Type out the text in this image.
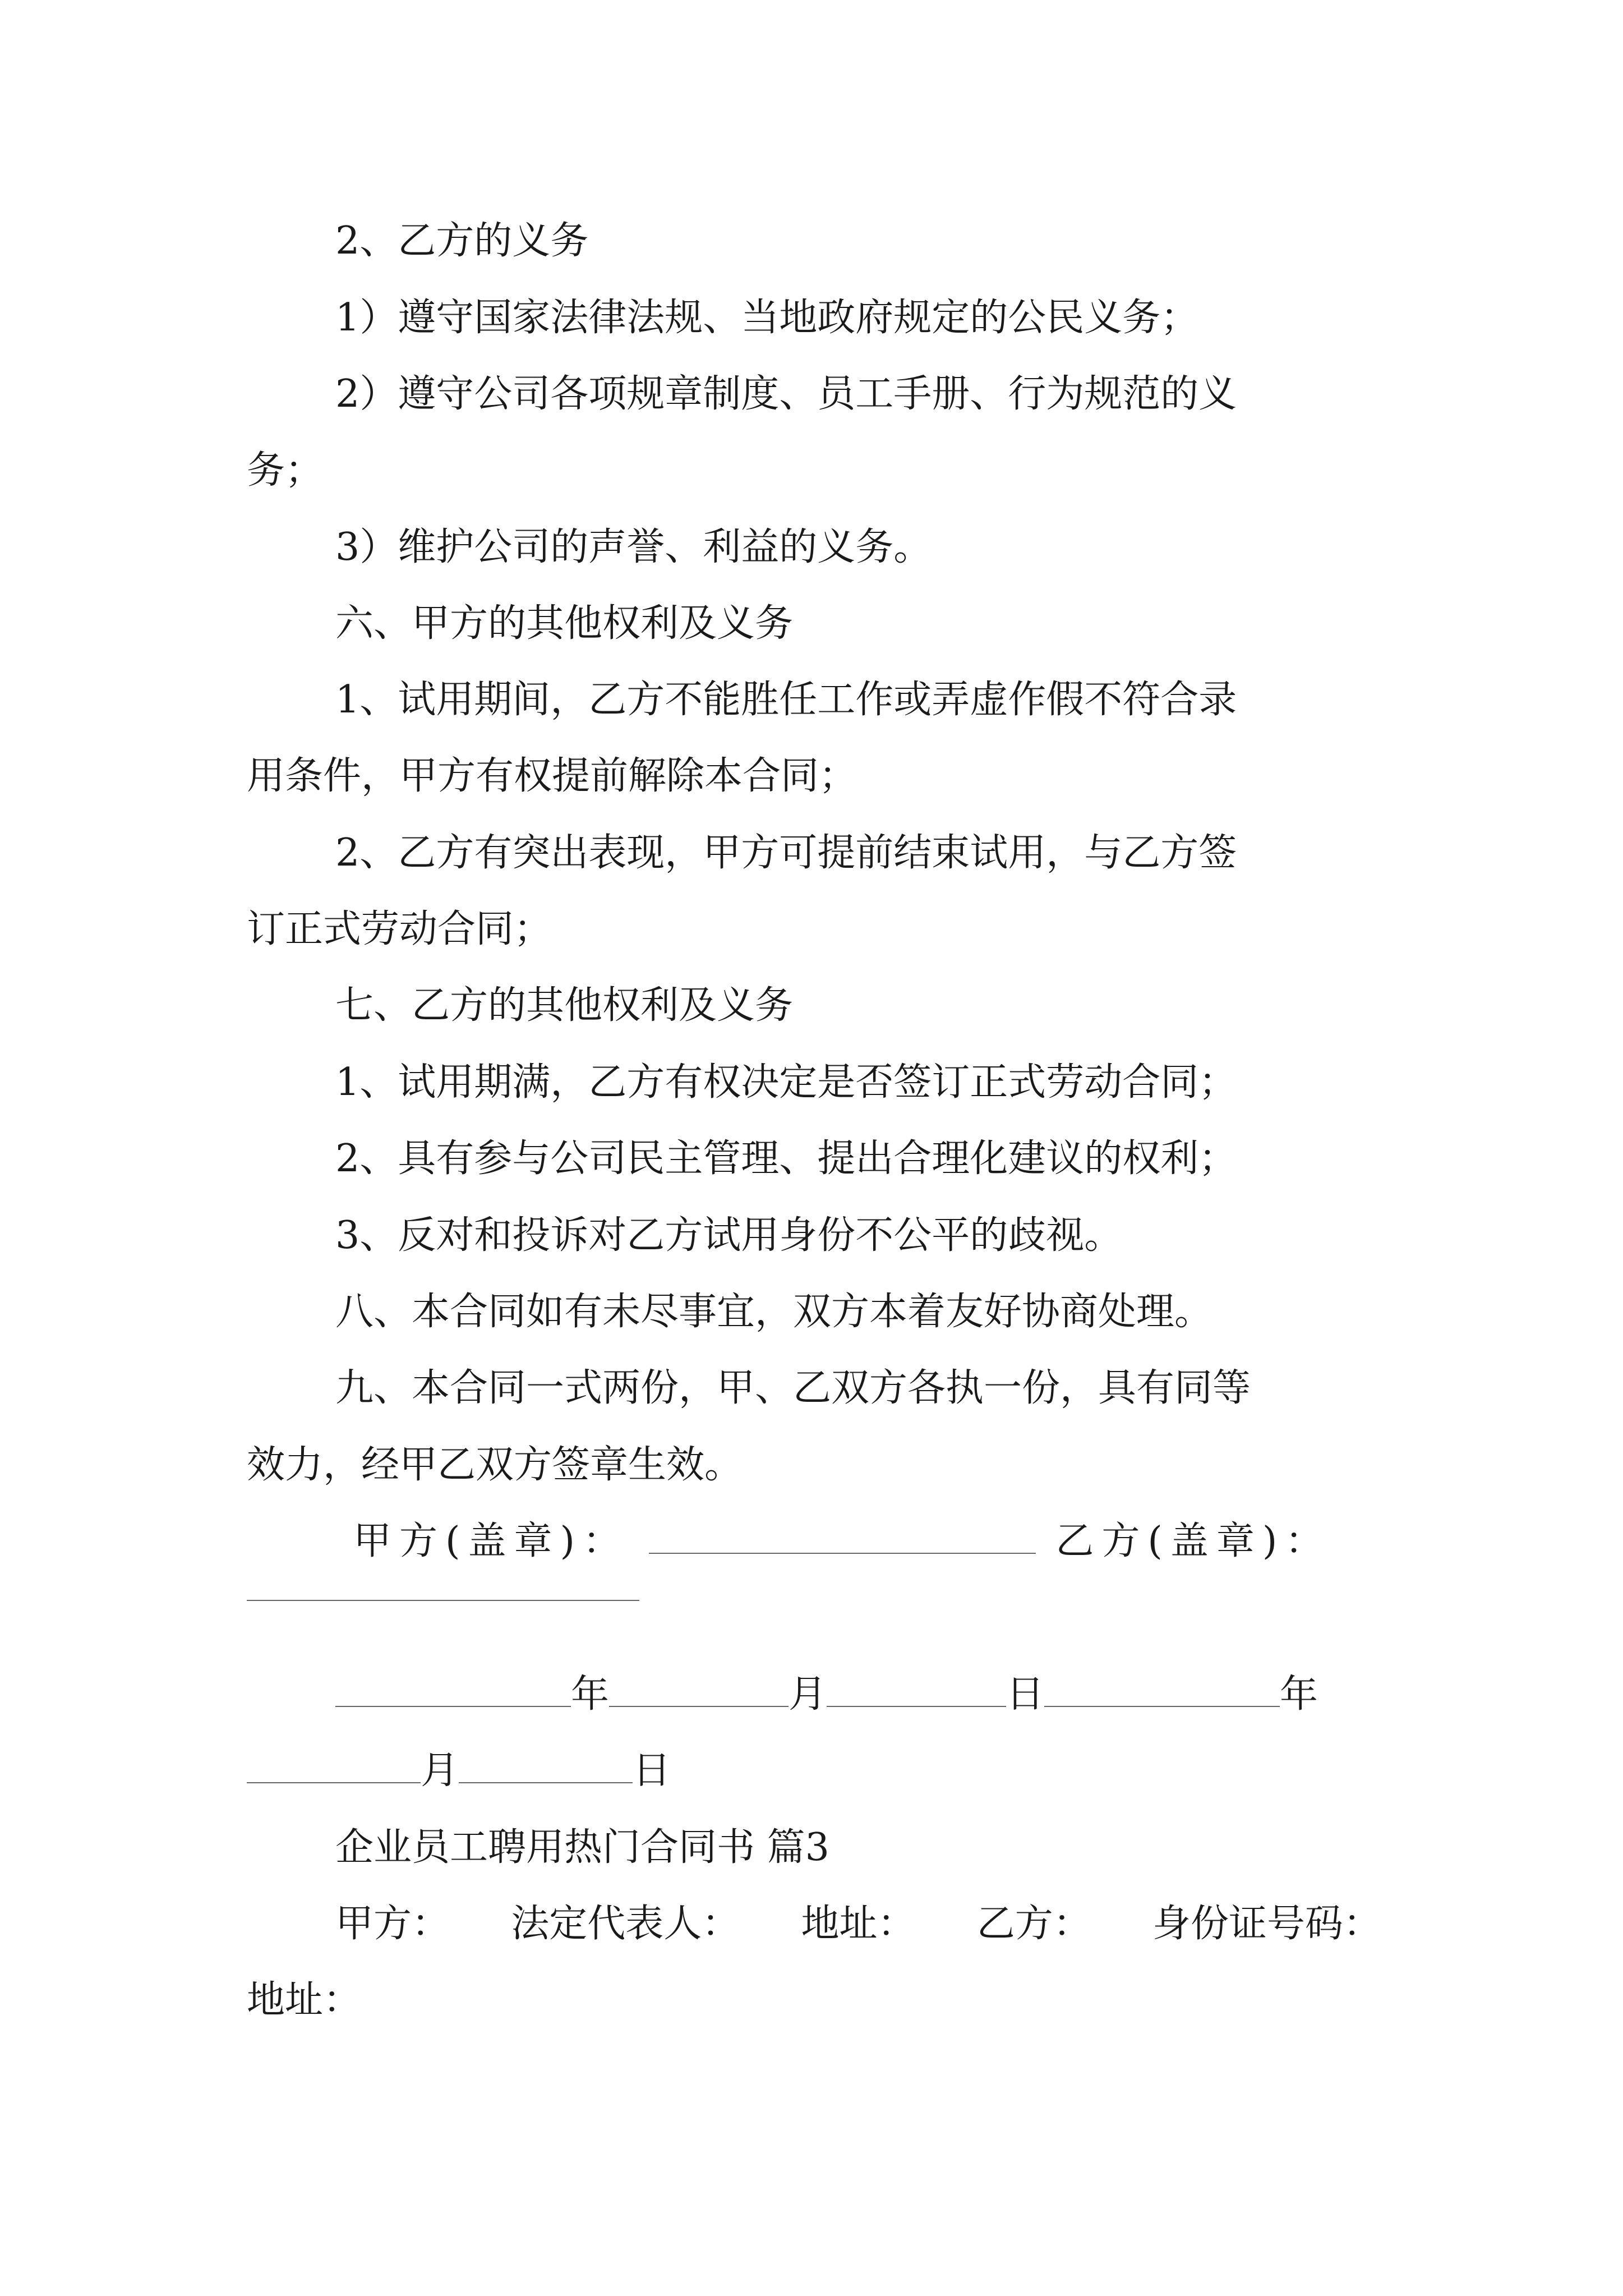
2、乙方的义务
1）遵守国家法律法规、当地政府规定的公民义务；
2）遵守公司各项规章制度、员工手册、行为规范的义
务；
3）维护公司的声誉、利益的义务。
六、甲方的其他权利及义务
1、试用期间，乙方不能胜任工作或弄虚作假不符合录
用条件，甲方有权提前解除本合同；
2、乙方有突出表现，甲方可提前结束试用，与乙方签
订正式劳动合同；
七、乙方的其他权利及义务
1、试用期满，乙方有权决定是否签订正式劳动合同；
2、具有参与公司民主管理、提出合理化建议的权利；
3、反对和投诉对乙方试用身份不公平的歧视。
八、本合同如有未尽事宜，双方本着友好协商处理。
九、本合同一式两份，甲、乙双方各执一份，具有同等
效力，经甲乙双方签章生效。
甲方(盖章)：	乙方(盖章)：
年	月	日	年
月	日
企业员工聘用热门合同书 篇3
甲方： 法定代表人： 地址： 乙方： 身份证号码：
地址：
